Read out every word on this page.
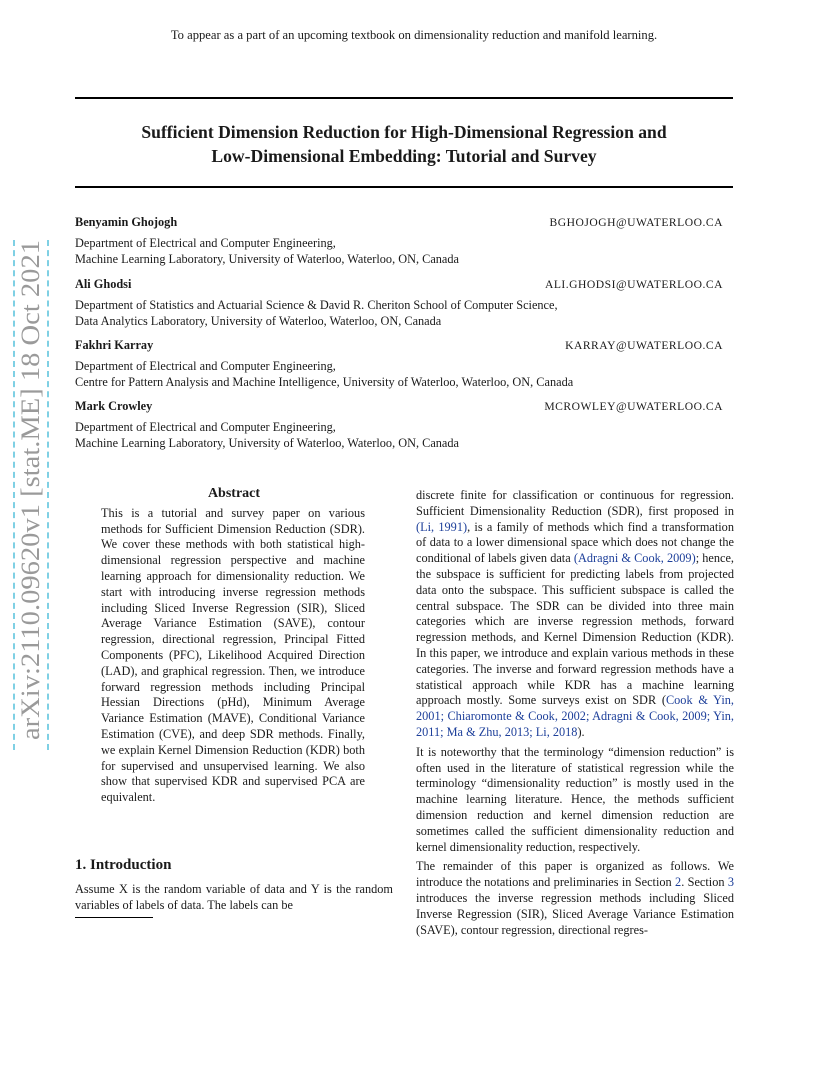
To appear as a part of an upcoming textbook on dimensionality reduction and manifold learning.
Sufficient Dimension Reduction for High-Dimensional Regression and
Low-Dimensional Embedding: Tutorial and Survey
Benyamin Ghojogh	BGHOJOGH@UWATERLOO.CA
Department of Electrical and Computer Engineering,
Machine Learning Laboratory, University of Waterloo, Waterloo, ON, Canada
Ali Ghodsi	ALI.GHODSI@UWATERLOO.CA
Department of Statistics and Actuarial Science & David R. Cheriton School of Computer Science,
Data Analytics Laboratory, University of Waterloo, Waterloo, ON, Canada
Fakhri Karray	KARRAY@UWATERLOO.CA
Department of Electrical and Computer Engineering,
Centre for Pattern Analysis and Machine Intelligence, University of Waterloo, Waterloo, ON, Canada
Mark Crowley	MCROWLEY@UWATERLOO.CA
Department of Electrical and Computer Engineering,
Machine Learning Laboratory, University of Waterloo, Waterloo, ON, Canada
arXiv:2110.09620v1 [stat.ME] 18 Oct 2021	Abstract
This is a tutorial and survey paper on various methods for Sufficient Dimension Reduction (SDR). We cover these methods with both statistical high-dimensional regression perspective and machine learning approach for dimensionality reduction. We start with introducing inverse regression methods including Sliced Inverse Regression (SIR), Sliced Average Variance Estimation (SAVE), contour regression, directional regression, Principal Fitted Components (PFC), Likelihood Acquired Direction (LAD), and graphical regression. Then, we introduce forward regression methods including Principal Hessian Directions (pHd), Minimum Average Variance Estimation (MAVE), Conditional Variance Estimation (CVE), and deep SDR methods. Finally, we explain Kernel Dimension Reduction (KDR) both for supervised and unsupervised learning. We also show that supervised KDR and supervised PCA are equivalent.
1. Introduction
Assume X is the random variable of data and Y is the random variables of labels of data. The labels can be

discrete finite for classification or continuous for regression. Sufficient Dimensionality Reduction (SDR), first proposed in (Li, 1991), is a family of methods which find a transformation of data to a lower dimensional space which does not change the conditional of labels given data (Adragni & Cook, 2009); hence, the subspace is sufficient for predicting labels from projected data onto the subspace. This sufficient subspace is called the central subspace. The SDR can be divided into three main categories which are inverse regression methods, forward regression methods, and Kernel Dimension Reduction (KDR). In this paper, we introduce and explain various methods in these categories. The inverse and forward regression methods have a statistical approach while KDR has a machine learning approach mostly. Some surveys exist on SDR (Cook & Yin, 2001; Chiaromonte & Cook, 2002; Adragni & Cook, 2009; Yin, 2011; Ma & Zhu, 2013; Li, 2018).

It is noteworthy that the terminology “dimension reduction” is often used in the literature of statistical regression while the terminology “dimensionality reduction” is mostly used in the machine learning literature. Hence, the methods sufficient dimension reduction and kernel dimension reduction are sometimes called the sufficient dimensionality reduction and kernel dimensionality reduction, respectively.

The remainder of this paper is organized as follows. We introduce the notations and preliminaries in Section 2. Section 3 introduces the inverse regression methods including Sliced Inverse Regression (SIR), Sliced Average Variance Estimation (SAVE), contour regression, directional regres-
